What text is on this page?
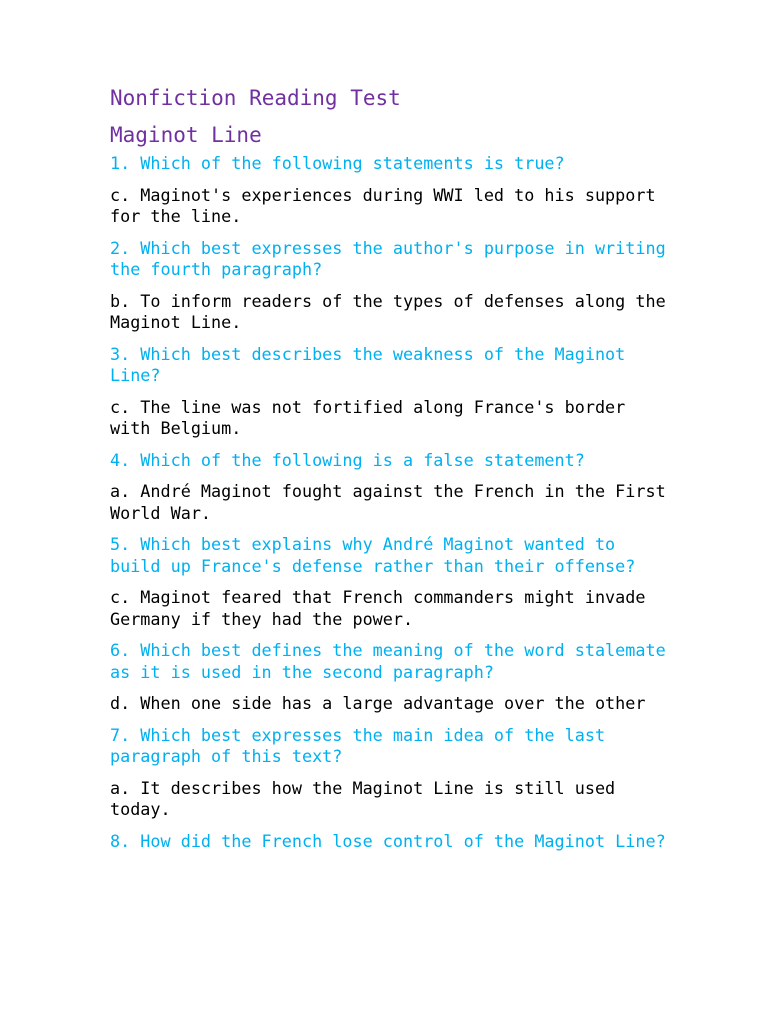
Nonfiction Reading Test
Maginot Line

1. Which of the following statements is true?

c. Maginot's experiences during WWI led to his support for the line.

2. Which best expresses the author's purpose in writing the fourth paragraph?

b. To inform readers of the types of defenses along the Maginot Line.

3. Which best describes the weakness of the Maginot Line?

c. The line was not fortified along France's border with Belgium.

4. Which of the following is a false statement?

a. André Maginot fought against the French in the First World War.

5. Which best explains why André Maginot wanted to build up France's defense rather than their offense?

c. Maginot feared that French commanders might invade Germany if they had the power.

6. Which best defines the meaning of the word stalemate as it is used in the second paragraph?

d. When one side has a large advantage over the other

7. Which best expresses the main idea of the last paragraph of this text?

a. It describes how the Maginot Line is still used today.

8. How did the French lose control of the Maginot Line?
